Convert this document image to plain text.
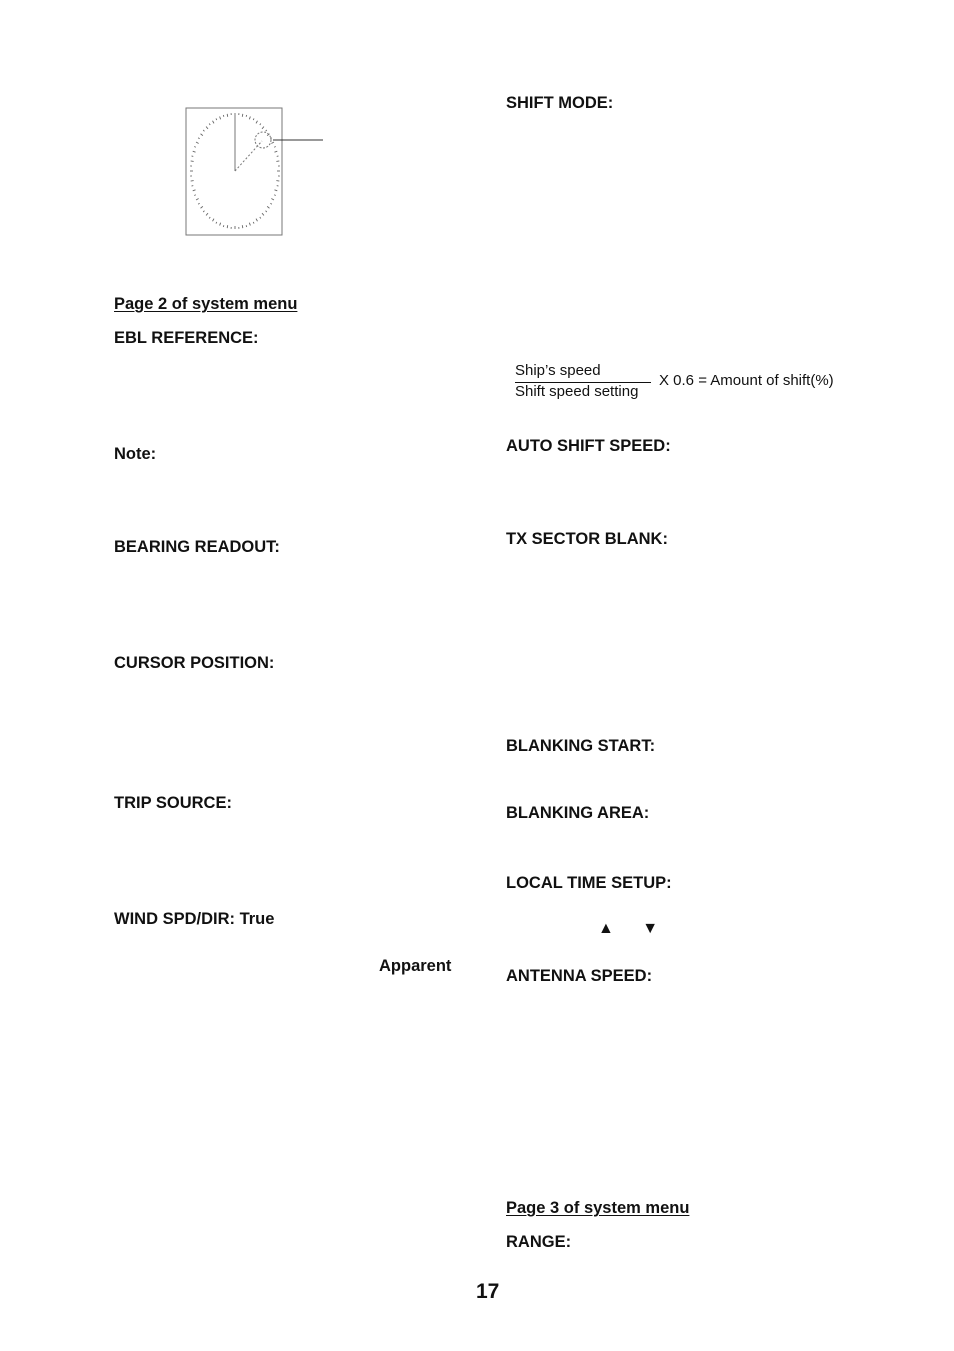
Page 2 of system menu
EBL REFERENCE:
Note:
BEARING READOUT:
CURSOR POSITION:
TRIP SOURCE:
WIND SPD/DIR: True
Apparent
SHIFT MODE:
Ship’s speed
Shift speed setting
X 0.6 = Amount of shift(%)
AUTO SHIFT SPEED:
TX SECTOR BLANK:
BLANKING START:
BLANKING AREA:
LOCAL TIME SETUP:
▲ ▼
ANTENNA SPEED:
Page 3 of system menu
RANGE:
17
